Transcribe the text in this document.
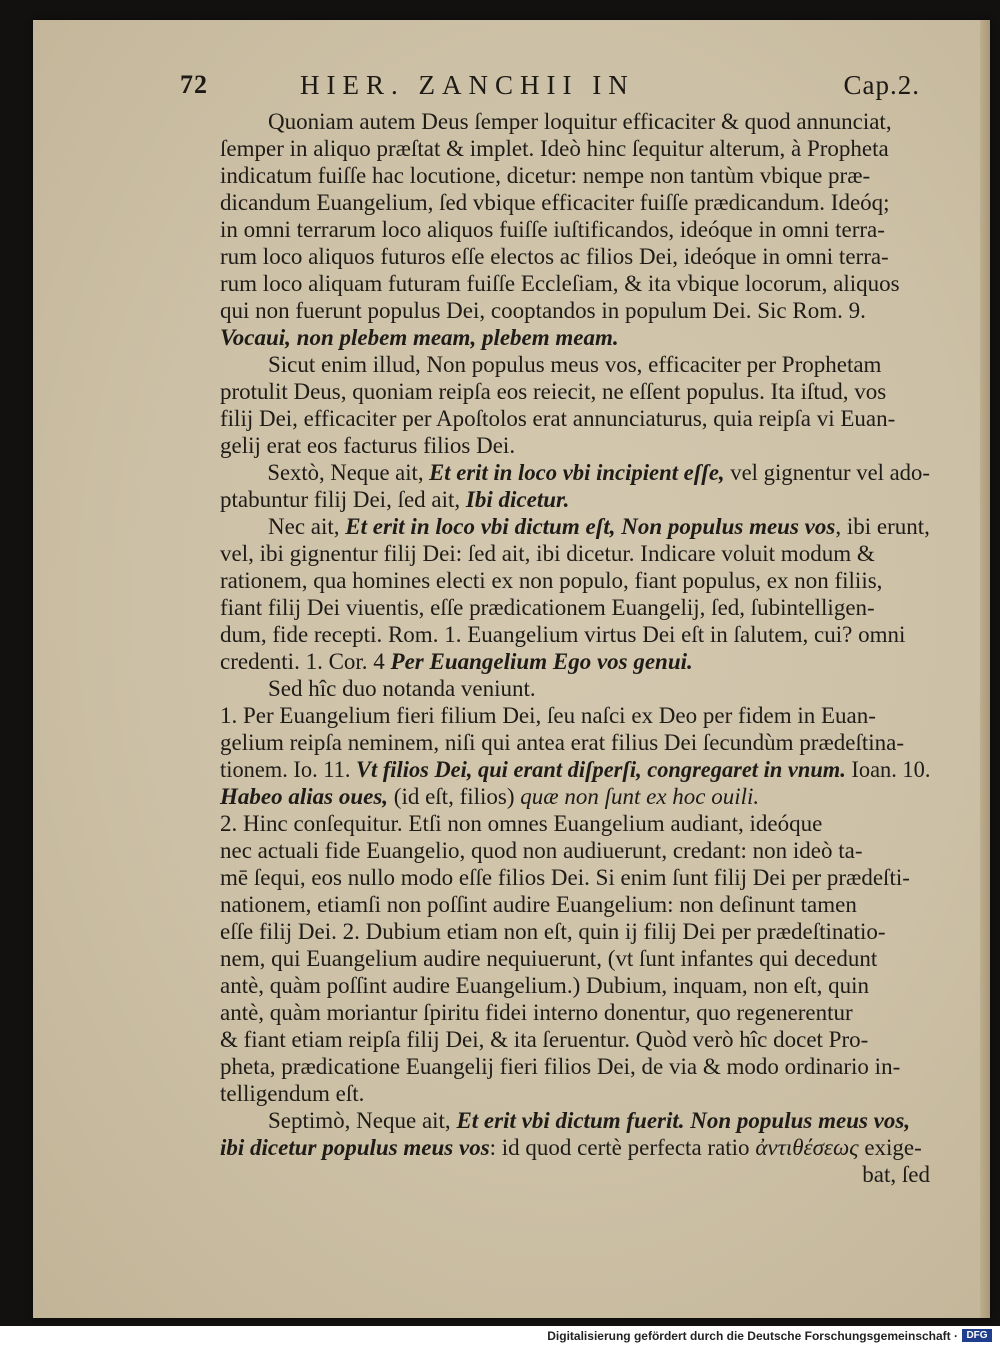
72	HIER. ZANCHII IN	Cap.2.
Quoniam autem Deus ſemper loquitur efficaciter & quod annunciat,
ſemper in aliquo præſtat & implet. Ideò hinc ſequitur alterum, à Propheta
indicatum fuiſſe hac locutione, dicetur: nempe non tantùm vbique præ-
dicandum Euangelium, ſed vbique efficaciter fuiſſe prædicandum. Ideóq;
in omni terrarum loco aliquos fuiſſe iuſtificandos, ideóque in omni terra-
rum loco aliquos futuros eſſe electos ac filios Dei, ideóque in omni terra-
rum loco aliquam futuram fuiſſe Eccleſiam, & ita vbique locorum, aliquos
qui non fuerunt populus Dei, cooptandos in populum Dei. Sic Rom. 9.
Vocaui, non plebem meam, plebem meam.
Sicut enim illud, Non populus meus vos, efficaciter per Prophetam
protulit Deus, quoniam reipſa eos reiecit, ne eſſent populus. Ita iſtud, vos
filij Dei, efficaciter per Apoſtolos erat annunciaturus, quia reipſa vi Euan-
gelij erat eos facturus filios Dei.
Sextò, Neque ait, Et erit in loco vbi incipient eſſe, vel gignentur vel ado-
ptabuntur filij Dei, ſed ait, Ibi dicetur.
Nec ait, Et erit in loco vbi dictum eſt, Non populus meus vos, ibi erunt,
vel, ibi gignentur filij Dei: ſed ait, ibi dicetur. Indicare voluit modum &
rationem, qua homines electi ex non populo, fiant populus, ex non filiis,
fiant filij Dei viuentis, eſſe prædicationem Euangelij, ſed, ſubintelligen-
dum, fide recepti. Rom. 1. Euangelium virtus Dei eſt in ſalutem, cui? omni
credenti. 1. Cor. 4 Per Euangelium Ego vos genui.
Sed hîc duo notanda veniunt.
1. Per Euangelium fieri filium Dei, ſeu naſci ex Deo per fidem in Euan-
gelium reipſa neminem, niſi qui antea erat filius Dei ſecundùm prædeſtina-
tionem. Io. 11. Vt filios Dei, qui erant diſperſi, congregaret in vnum. Ioan. 10.
Habeo alias oues, (id eſt, filios) quæ non ſunt ex hoc ouili.
2. Hinc conſequitur. Etſi non omnes Euangelium audiant, ideóque
nec actuali fide Euangelio, quod non audiuerunt, credant: non ideò ta-
mē ſequi, eos nullo modo eſſe filios Dei. Si enim ſunt filij Dei per prædeſti-
nationem, etiamſi non poſſint audire Euangelium: non deſinunt tamen
eſſe filij Dei. 2. Dubium etiam non eſt, quin ij filij Dei per prædeſtinatio-
nem, qui Euangelium audire nequiuerunt, (vt ſunt infantes qui decedunt
antè, quàm poſſint audire Euangelium.) Dubium, inquam, non eſt, quin
antè, quàm moriantur ſpiritu fidei interno donentur, quo regenerentur
& fiant etiam reipſa filij Dei, & ita ſeruentur. Quòd verò hîc docet Pro-
pheta, prædicatione Euangelij fieri filios Dei, de via & modo ordinario in-
telligendum eſt.
Septimò, Neque ait, Et erit vbi dictum fuerit. Non populus meus vos,
ibi dicetur populus meus vos: id quod certè perfecta ratio ἀντιθέσεως exige-
bat, ſed
Digitalisierung gefördert durch die Deutsche Forschungsgemeinschaft · DFG
